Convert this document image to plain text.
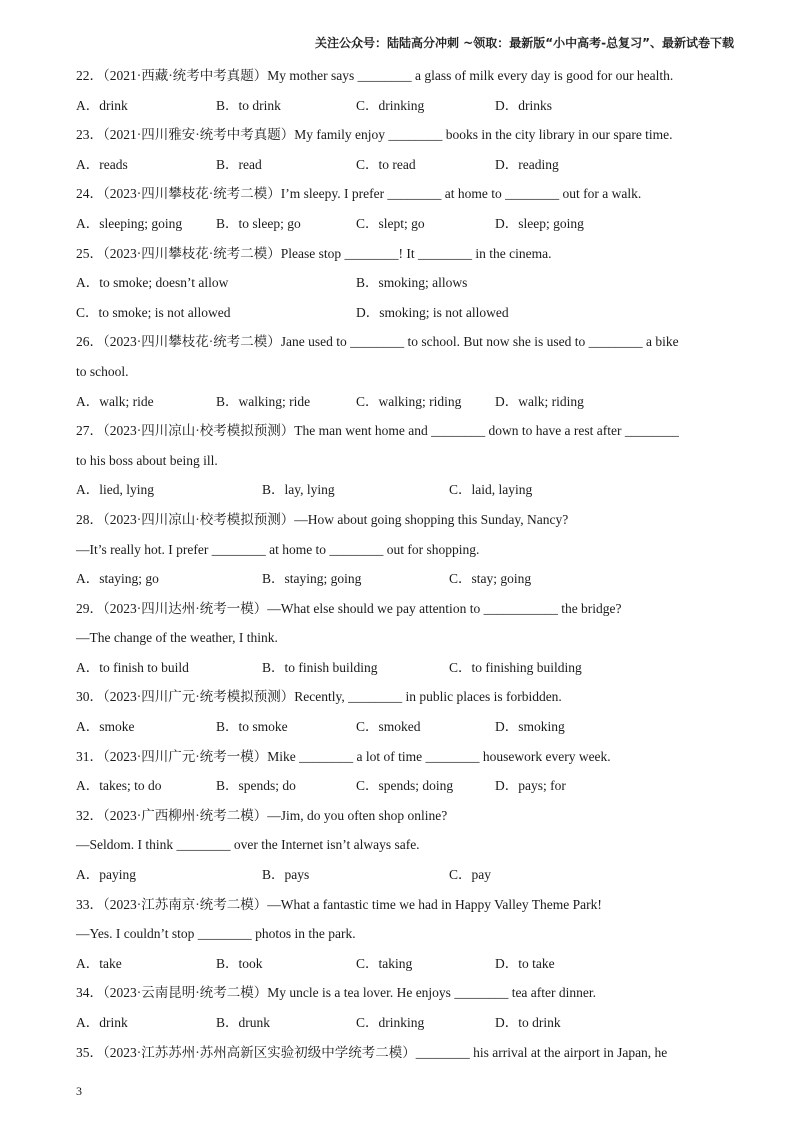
关注公众号：陆陆高分冲刺 ~领取：最新版“小中高考-总复习”、最新试卷下载
22．（2021·西藏·统考中考真题）My mother says ________ a glass of milk every day is good for our health.
A．drink	B．to drink	C．drinking	D．drinks
23．（2021·四川雅安·统考中考真题）My family enjoy ________ books in the city library in our spare time.
A．reads	B．read	C．to read	D．reading
24．（2023·四川攀枝花·统考二模）I’m sleepy. I prefer ________ at home to ________ out for a walk.
A．sleeping; going	B．to sleep; go	C．slept; go	D．sleep; going
25．（2023·四川攀枝花·统考二模）Please stop ________! It ________ in the cinema.
A．to smoke; doesn’t allow	B．smoking; allows
C．to smoke; is not allowed	D．smoking; is not allowed
26．（2023·四川攀枝花·统考二模）Jane used to ________ to school. But now she is used to ________ a bike
to school.
A．walk; ride	B．walking; ride	C．walking; riding D．walk; riding
27．（2023·四川凉山·校考模拟预测）The man went home and ________ down to have a rest after ________
to his boss about being ill.
A．lied, lying	B．lay, lying	C．laid, laying
28．（2023·四川凉山·校考模拟预测）—How about going shopping this Sunday, Nancy?
—It’s really hot. I prefer ________ at home to ________ out for shopping.
A．staying; go	B．staying; going	C．stay; going
29．（2023·四川达州·统考一模）—What else should we pay attention to ___________ the bridge?
—The change of the weather, I think.
A．to finish to build	B．to finish building	C．to finishing building
30．（2023·四川广元·统考模拟预测）Recently, ________ in public places is forbidden.
A．smoke	B．to smoke	C．smoked	D．smoking
31．（2023·四川广元·统考一模）Mike ________ a lot of time ________ housework every week.
A．takes; to do	B．spends; do	C．spends; doing	D．pays; for
32．（2023·广西柳州·统考二模）—Jim, do you often shop online?
—Seldom. I think ________ over the Internet isn’t always safe.
A．paying	B．pays	C．pay
33．（2023·江苏南京·统考二模）—What a fantastic time we had in Happy Valley Theme Park!
—Yes. I couldn’t stop ________ photos in the park.
A．take	B．took	C．taking	D．to take
34．（2023·云南昆明·统考二模）My uncle is a tea lover. He enjoys ________ tea after dinner.
A．drink	B．drunk	C．drinking	D．to drink
35．（2023·江苏苏州·苏州高新区实验初级中学统考二模）________ his arrival at the airport in Japan, he
3
